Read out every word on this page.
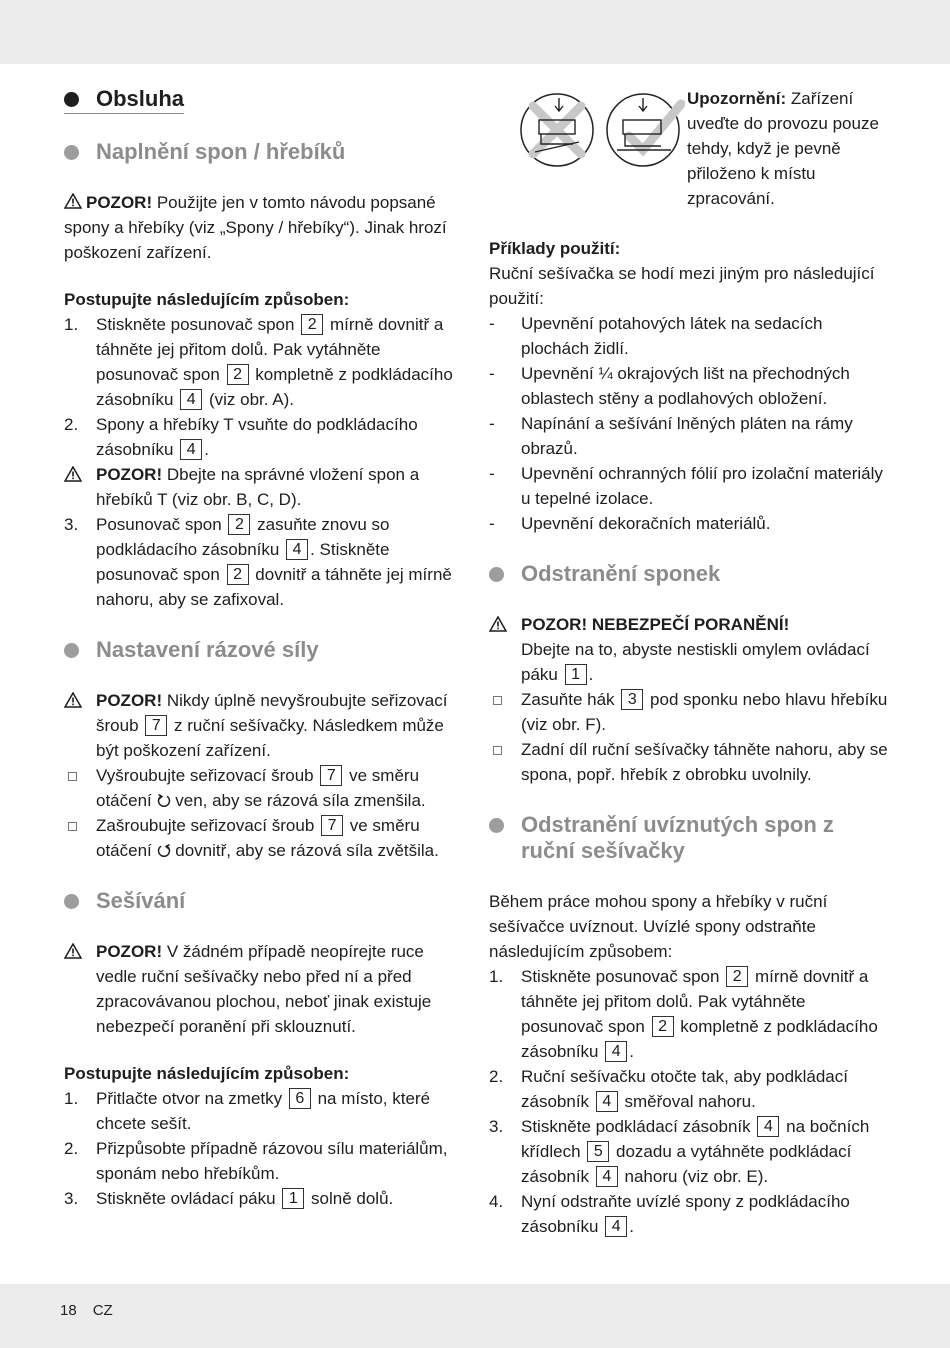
Obsluha
Naplnění spon / hřebíků

POZOR! Použijte jen v tomto návodu popsané spony a hřebíky (viz „Spony / hřebíky“). Jinak hrozí poškození zařízení.

Postupujte následujícím způsoben:

1. Stiskněte posunovač spon 2 mírně dovnitř a táhněte jej přitom dolů. Pak vytáhněte posunovač spon 2 kompletně z podkládacího zásobníku 4 (viz obr. A).
2. Spony a hřebíky T vsuňte do podkládacího zásobníku 4 .
POZOR! Dbejte na správné vložení spon a hřebíků T (viz obr. B, C, D).
3. Posunovač spon 2 zasuňte znovu so podkládacího zásobníku 4 . Stiskněte posunovač spon 2 dovnitř a táhněte jej mírně nahoru, aby se zafixoval.
Nastavení rázové síly
POZOR! Nikdy úplně nevyšroubujte seřizovací šroub 7 z ruční sešívačky. Následkem může být poškození zařízení.
Vyšroubujte seřizovací šroub 7 ve směru otáčení ven, aby se rázová síla zmenšila.
Zašroubujte seřizovací šroub 7 ve směru otáčení dovnitř, aby se rázová síla zvětšila.
Sešívání

POZOR! V žádném případě neopírejte ruce vedle ruční sešívačky nebo před ní a před zpracovávanou plochou, neboť jinak existuje nebezpečí poranění při sklouznutí.

Postupujte následujícím způsoben:

1. Přitlačte otvor na zmetky 6 na místo, které chcete sešít.
2. Přizpůsobte případně rázovou sílu materiálům, sponám nebo hřebíkům.
3. Stiskněte ovládací páku 1 solně dolů.

Upozornění: Zařízení uveďte do provozu pouze tehdy, když je pevně přiloženo k místu zpracování.

Příklady použití:

Ruční sešívačka se hodí mezi jiným pro následující použití:

- Upevnění potahových látek na sedacích plochách židlí.
- Upevnění ¼ okrajových lišt na přechodných oblastech stěny a podlahových obložení.
- Napínání a sešívání lněných pláten na rámy obrazů.
- Upevnění ochranných fólií pro izolační materiály u tepelné izolace.
- Upevnění dekoračních materiálů.
Odstranění sponek
POZOR! NEBEZPEČÍ PORANĚNÍ!
Dbejte na to, abyste nestiskli omylem ovládací páku 1 .
Zasuňte hák 3 pod sponku nebo hlavu hřebíku (viz obr. F).
Zadní díl ruční sešívačky táhněte nahoru, aby se spona, popř. hřebík z obrobku uvolnily.
Odstranění uvíznutých spon z ruční sešívačky

Během práce mohou spony a hřebíky v ruční sešívačce uvíznout. Uvízlé spony odstraňte následujícím způsobem:

1. Stiskněte posunovač spon 2 mírně dovnitř a táhněte jej přitom dolů. Pak vytáhněte posunovač spon 2 kompletně z podkládacího zásobníku 4 .
2. Ruční sešívačku otočte tak, aby podkládací zásobník 4 směřoval nahoru.
3. Stiskněte podkládací zásobník 4 na bočních křídlech 5 dozadu a vytáhněte podkládací zásobník 4 nahoru (viz obr. E).
4. Nyní odstraňte uvízlé spony z podkládacího zásobníku 4 .
18 CZ
